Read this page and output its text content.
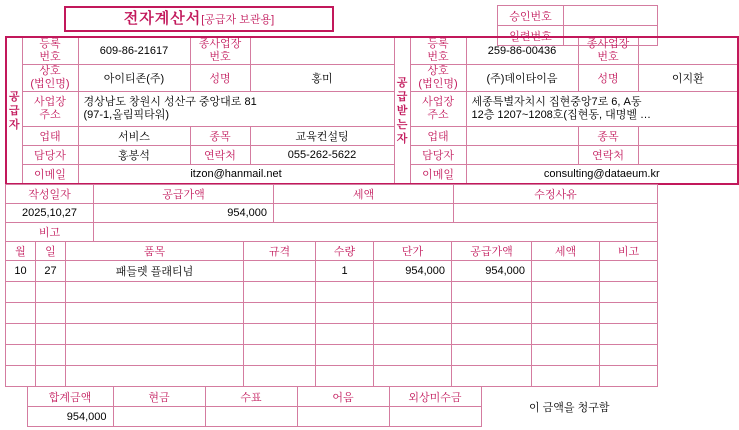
전자계산서[공급자 보관용]	승인번호	
일련번호	
공
급
자	등록
번호	609-86-21617	종사업장
번호		공
급
받
는
자	등록
번호	259-86-00436	종사업장
번호	
	상호
(법인명)	아이티존(주)	성명	홍미		상호
(법인명)	(주)데이타이음	성명	이지환
	사업장
주소	경상남도 창원시 성산구 중앙대로 81
(97-1,올림픽타워)				사업장
주소	세종특별자치시 집현중앙7로 6, A동
12층 1207~1208호(집현동, 대명벨 …		
	업태	서비스	종목	교육컨설팅		업태		종목	
	담당자	홍봉석	연락처	055-262-5622		담당자		연락처	
	이메일	itzon@hanmail.net				이메일	consulting@dataeum.kr		
작성일자	공급가액	세액	수정사유
2025,10,27	954,000		
비고			
월	일	품목	규격	수량	단가	공급가액	세액	비고
10	27	패들렛 플래티넘		1	954,000	954,000		

	합계금액	현금	수표	어음	외상미수금	이 금액을 청구함
	954,000					
